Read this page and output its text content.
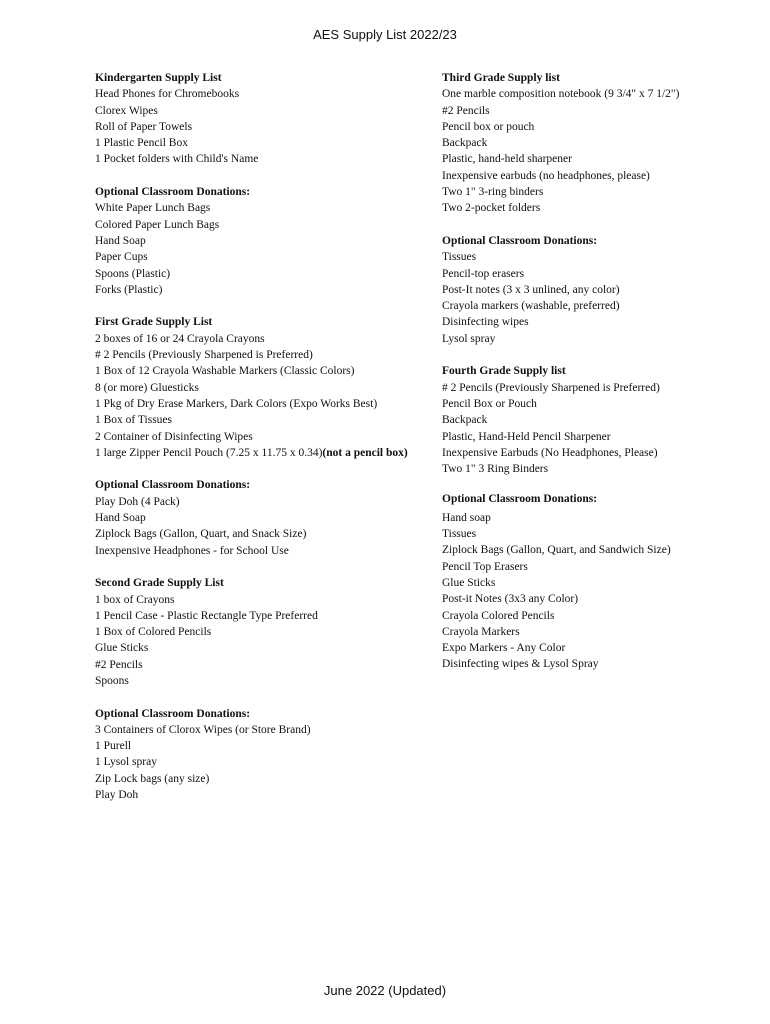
AES Supply List 2022/23
Kindergarten Supply List
Head Phones for Chromebooks
Clorex Wipes
Roll of Paper Towels
1 Plastic Pencil Box
1 Pocket folders with Child's Name
Optional Classroom Donations:
White Paper Lunch Bags
Colored Paper Lunch Bags
Hand Soap
Paper Cups
Spoons (Plastic)
Forks (Plastic)
First Grade Supply List
2 boxes of 16 or 24 Crayola Crayons
# 2 Pencils (Previously Sharpened is Preferred)
1 Box of 12 Crayola Washable Markers (Classic Colors)
8 (or more) Gluesticks
1 Pkg of Dry Erase Markers, Dark Colors (Expo Works Best)
1 Box of Tissues
2 Container of Disinfecting Wipes
1 large Zipper Pencil Pouch (7.25 x 11.75 x 0.34)(not a pencil box)
Optional Classroom Donations:
Play Doh (4 Pack)
Hand Soap
Ziplock Bags (Gallon, Quart, and Snack Size)
Inexpensive Headphones - for School Use
Second Grade Supply List
1 box of Crayons
1 Pencil Case - Plastic Rectangle Type Preferred
1 Box of Colored Pencils
Glue Sticks
#2 Pencils
Spoons
Optional Classroom Donations:
3 Containers of Clorox Wipes (or Store Brand)
1 Purell
1 Lysol spray
Zip Lock bags (any size)
Play Doh
Third Grade Supply list
One marble composition notebook (9 3/4" x 7 1/2")
#2 Pencils
Pencil box or pouch
Backpack
Plastic, hand-held sharpener
Inexpensive earbuds (no headphones, please)
Two 1" 3-ring binders
Two 2-pocket folders
Optional Classroom Donations:
Tissues
Pencil-top erasers
Post-It notes (3 x 3 unlined, any color)
Crayola markers (washable, preferred)
Disinfecting wipes
Lysol spray
Fourth Grade Supply list
# 2 Pencils (Previously Sharpened is Preferred)
Pencil Box or Pouch
Backpack
Plastic, Hand-Held Pencil Sharpener
Inexpensive Earbuds (No Headphones, Please)
Two 1" 3 Ring Binders
Optional Classroom Donations:
Hand soap
Tissues
Ziplock Bags (Gallon, Quart, and Sandwich Size)
Pencil Top Erasers
Glue Sticks
Post-it Notes (3x3 any Color)
Crayola Colored Pencils
Crayola Markers
Expo Markers - Any Color
Disinfecting wipes & Lysol Spray
June 2022 (Updated)
